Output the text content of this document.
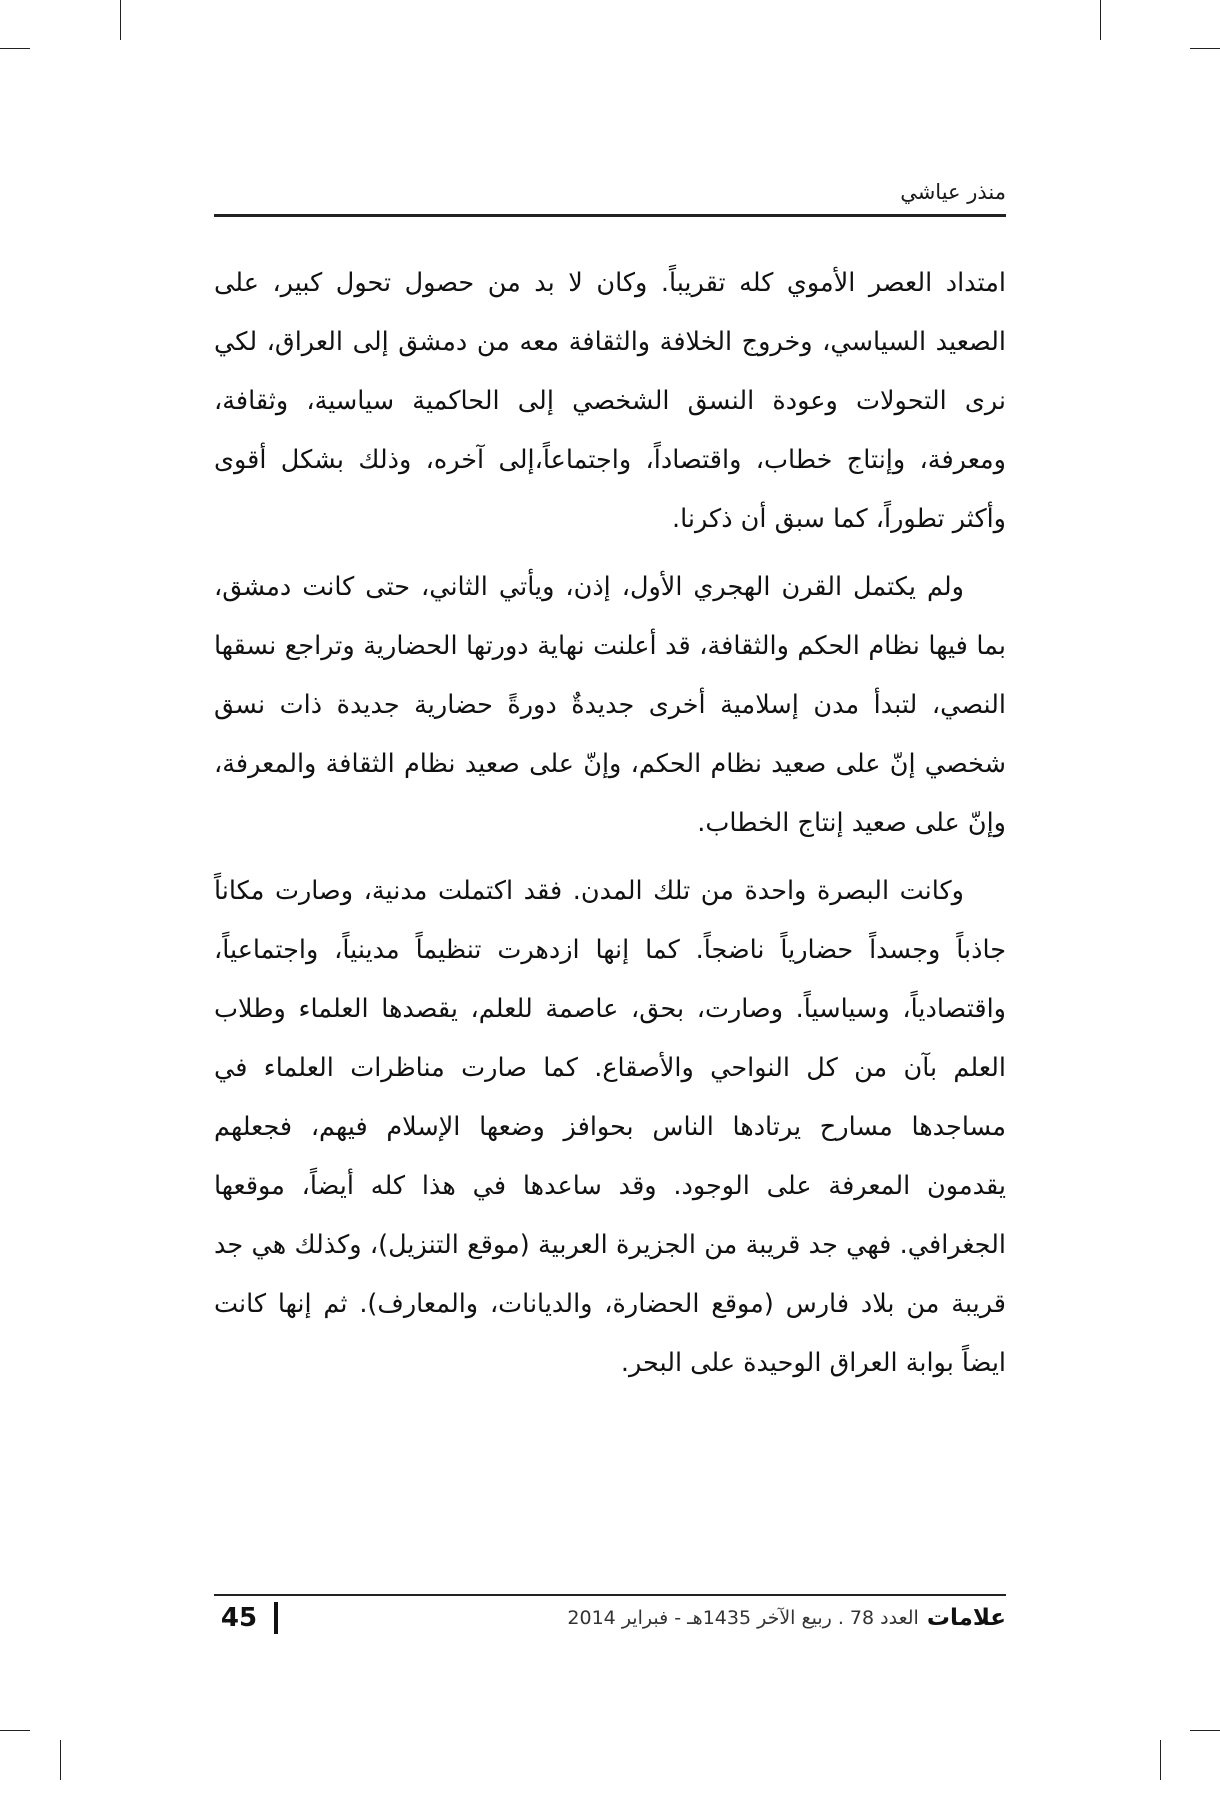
منذر عياشي

امتداد العصر الأموي كله تقريباً. وكان لا بد من حصول تحول كبير، على الصعيد السياسي، وخروج الخلافة والثقافة معه من دمشق إلى العراق، لكي نرى التحولات وعودة النسق الشخصي إلى الحاكمية سياسية، وثقافة، ومعرفة، وإنتاج خطاب، واقتصاداً، واجتماعاً،إلى آخره، وذلك بشكل أقوى وأكثر تطوراً، كما سبق أن ذكرنا.

ولم يكتمل القرن الهجري الأول، إذن، ويأتي الثاني، حتى كانت دمشق، بما فيها نظام الحكم والثقافة، قد أعلنت نهاية دورتها الحضارية وتراجع نسقها النصي، لتبدأ مدن إسلامية أخرى جديدةٌ دورةً حضارية جديدة ذات نسق شخصي إنّ على صعيد نظام الحكم، وإنّ على صعيد نظام الثقافة والمعرفة، وإنّ على صعيد إنتاج الخطاب.

وكانت البصرة واحدة من تلك المدن. فقد اكتملت مدنية، وصارت مكاناً جاذباً وجسداً حضارياً ناضجاً. كما إنها ازدهرت تنظيماً مدينياً، واجتماعياً، واقتصادياً، وسياسياً. وصارت، بحق، عاصمة للعلم، يقصدها العلماء وطلاب العلم بآن من كل النواحي والأصقاع. كما صارت مناظرات العلماء في مساجدها مسارح يرتادها الناس بحوافز وضعها الإسلام فيهم، فجعلهم يقدمون المعرفة على الوجود. وقد ساعدها في هذا كله أيضاً، موقعها الجغرافي. فهي جد قريبة من الجزيرة العربية (موقع التنزيل)، وكذلك هي جد قريبة من بلاد فارس (موقع الحضارة، والديانات، والمعارف). ثم إنها كانت ايضاً بوابة العراق الوحيدة على البحر.

45	علامات
العدد 78 . ربيع الآخر 1435هـ - فبراير 2014
